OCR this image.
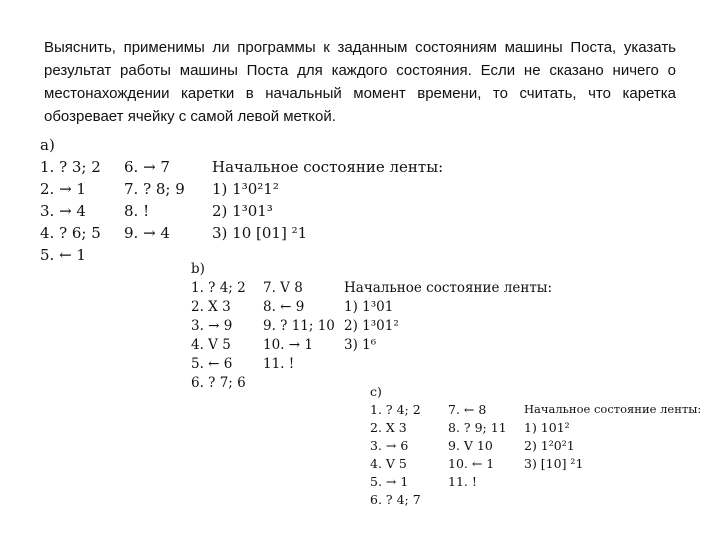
Выяснить, применимы ли программы к заданным состояниям машины Поста, указать результат работы машины Поста для каждого состояния. Если не сказано ничего о местонахождении каретки в начальный момент времени, то считать, что каретка обозревает ячейку с самой левой меткой.
a)
1. ? 3; 2
2. → 1
3. → 4
4. ? 6; 5
5. ← 1
6. → 7
7. ? 8; 9
8. !
9. → 4
Начальное состояние ленты:
1) 1³0²1²
2) 1³01³
3) 10 [01] ²1
b)
1. ? 4; 2
2. X 3
3. → 9
4. V 5
5. ← 6
6. ? 7; 6
7. V 8
8. ← 9
9. ? 11; 10
10. → 1
11. !
Начальное состояние ленты:
1) 1³01
2) 1³01²
3) 1⁶
c)
1. ? 4; 2
2. X 3
3. → 6
4. V 5
5. → 1
6. ? 4; 7
7. ← 8
8. ? 9; 11
9. V 10
10. ← 1
11. !
Начальное состояние ленты:
1) 101²
2) 1²0²1
3) [10] ²1
